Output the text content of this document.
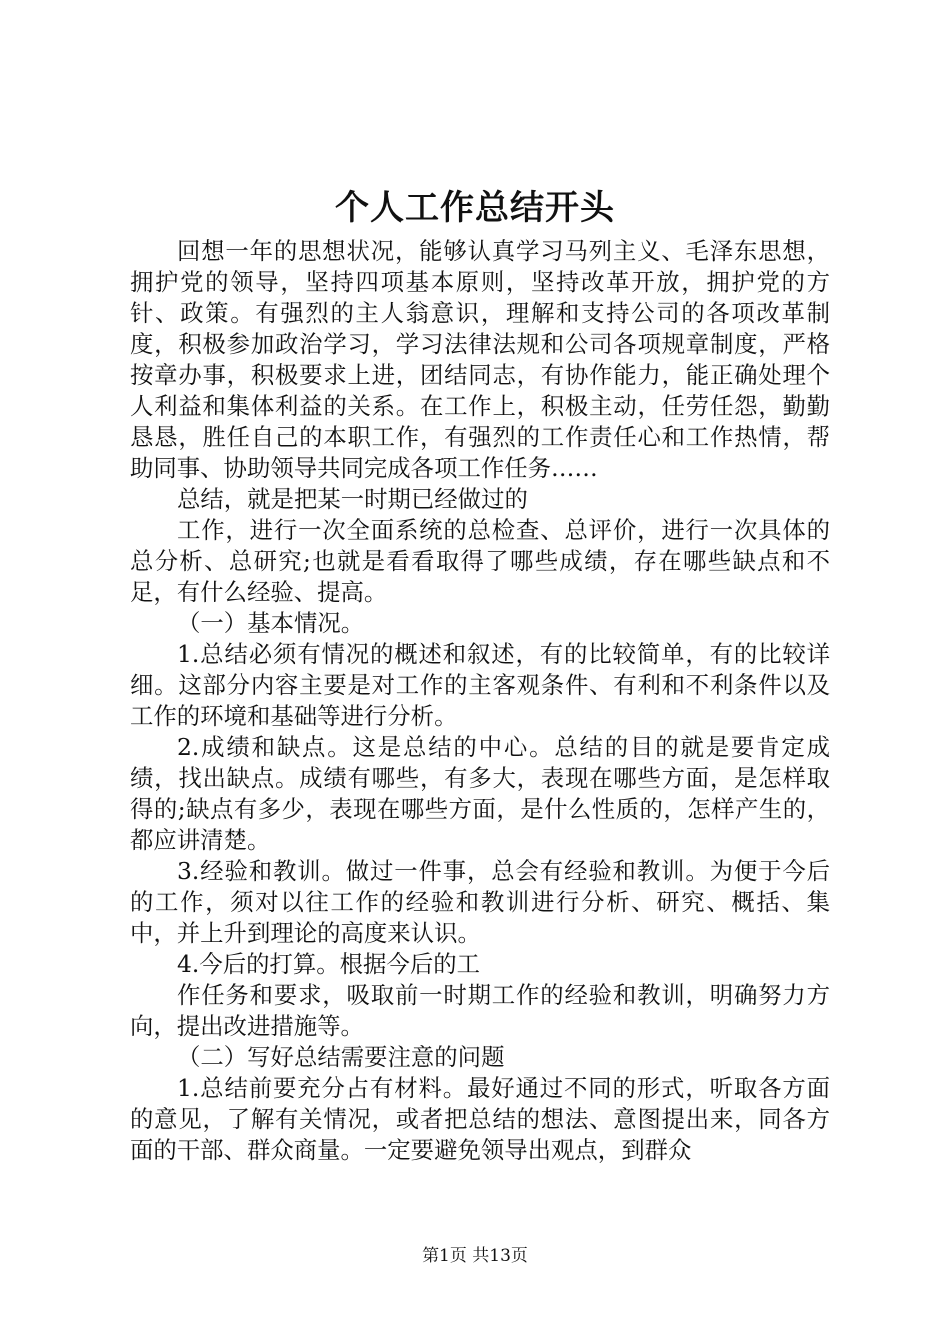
个人工作总结开头

回想一年的思想状况，能够认真学习马列主义、毛泽东思想，拥护党的领导，坚持四项基本原则，坚持改革开放，拥护党的方针、政策。有强烈的主人翁意识，理解和支持公司的各项改革制度，积极参加政治学习，学习法律法规和公司各项规章制度，严格按章办事，积极要求上进，团结同志，有协作能力，能正确处理个人利益和集体利益的关系。在工作上，积极主动，任劳任怨，勤勤恳恳，胜任自己的本职工作，有强烈的工作责任心和工作热情，帮助同事、协助领导共同完成各项工作任务……

总结，就是把某一时期已经做过的

工作，进行一次全面系统的总检查、总评价，进行一次具体的总分析、总研究;也就是看看取得了哪些成绩，存在哪些缺点和不足，有什么经验、提高。

（一）基本情况。

1.总结必须有情况的概述和叙述，有的比较简单，有的比较详细。这部分内容主要是对工作的主客观条件、有利和不利条件以及工作的环境和基础等进行分析。

2.成绩和缺点。这是总结的中心。总结的目的就是要肯定成绩，找出缺点。成绩有哪些，有多大，表现在哪些方面，是怎样取得的;缺点有多少，表现在哪些方面，是什么性质的，怎样产生的，都应讲清楚。

3.经验和教训。做过一件事，总会有经验和教训。为便于今后的工作，须对以往工作的经验和教训进行分析、研究、概括、集中，并上升到理论的高度来认识。

4.今后的打算。根据今后的工

作任务和要求，吸取前一时期工作的经验和教训，明确努力方向，提出改进措施等。

（二）写好总结需要注意的问题

1.总结前要充分占有材料。最好通过不同的形式，听取各方面的意见，了解有关情况，或者把总结的想法、意图提出来，同各方面的干部、群众商量。一定要避免领导出观点，到群众

第1页 共13页
